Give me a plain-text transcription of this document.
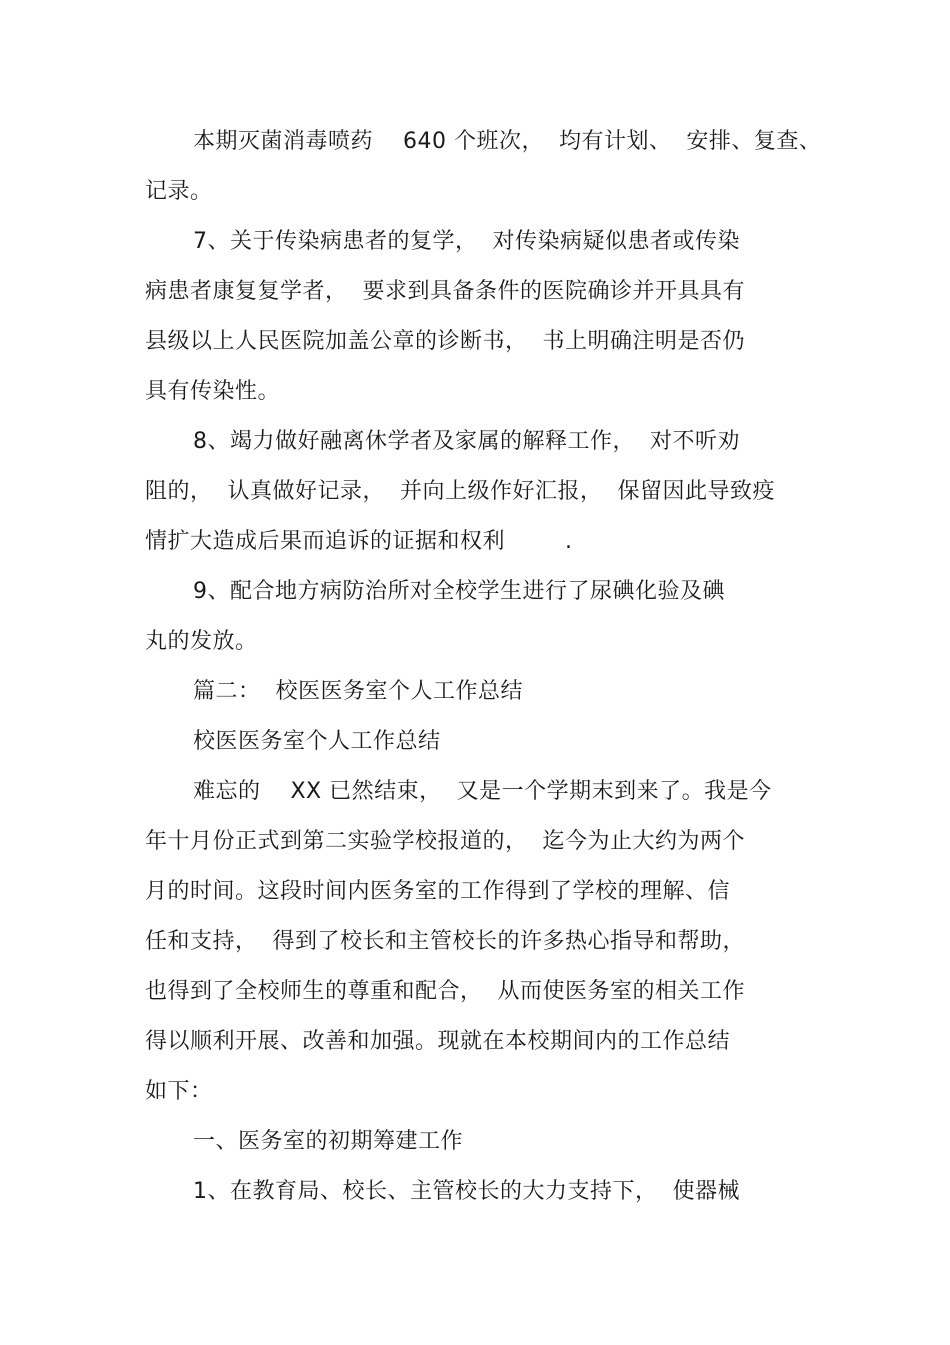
本期灭菌消毒喷药    640 个班次，  均有计划、  安排、复查、

记录。

7、关于传染病患者的复学，  对传染病疑似患者或传染

病患者康复复学者，  要求到具备条件的医院确诊并开具具有

县级以上人民医院加盖公章的诊断书，  书上明确注明是否仍

具有传染性。

8、竭力做好融离休学者及家属的解释工作，  对不听劝

阻的，  认真做好记录，  并向上级作好汇报，  保留因此导致疫

情扩大造成后果而追诉的证据和权利        .

9、配合地方病防治所对全校学生进行了尿碘化验及碘

丸的发放。

篇二：  校医医务室个人工作总结

校医医务室个人工作总结

难忘的    XX 已然结束，  又是一个学期末到来了。我是今

年十月份正式到第二实验学校报道的，  迄今为止大约为两个

月的时间。这段时间内医务室的工作得到了学校的理解、信

任和支持，  得到了校长和主管校长的许多热心指导和帮助，

也得到了全校师生的尊重和配合，  从而使医务室的相关工作

得以顺利开展、改善和加强。现就在本校期间内的工作总结

如下：

一、医务室的初期筹建工作

1、在教育局、校长、主管校长的大力支持下，  使器械
